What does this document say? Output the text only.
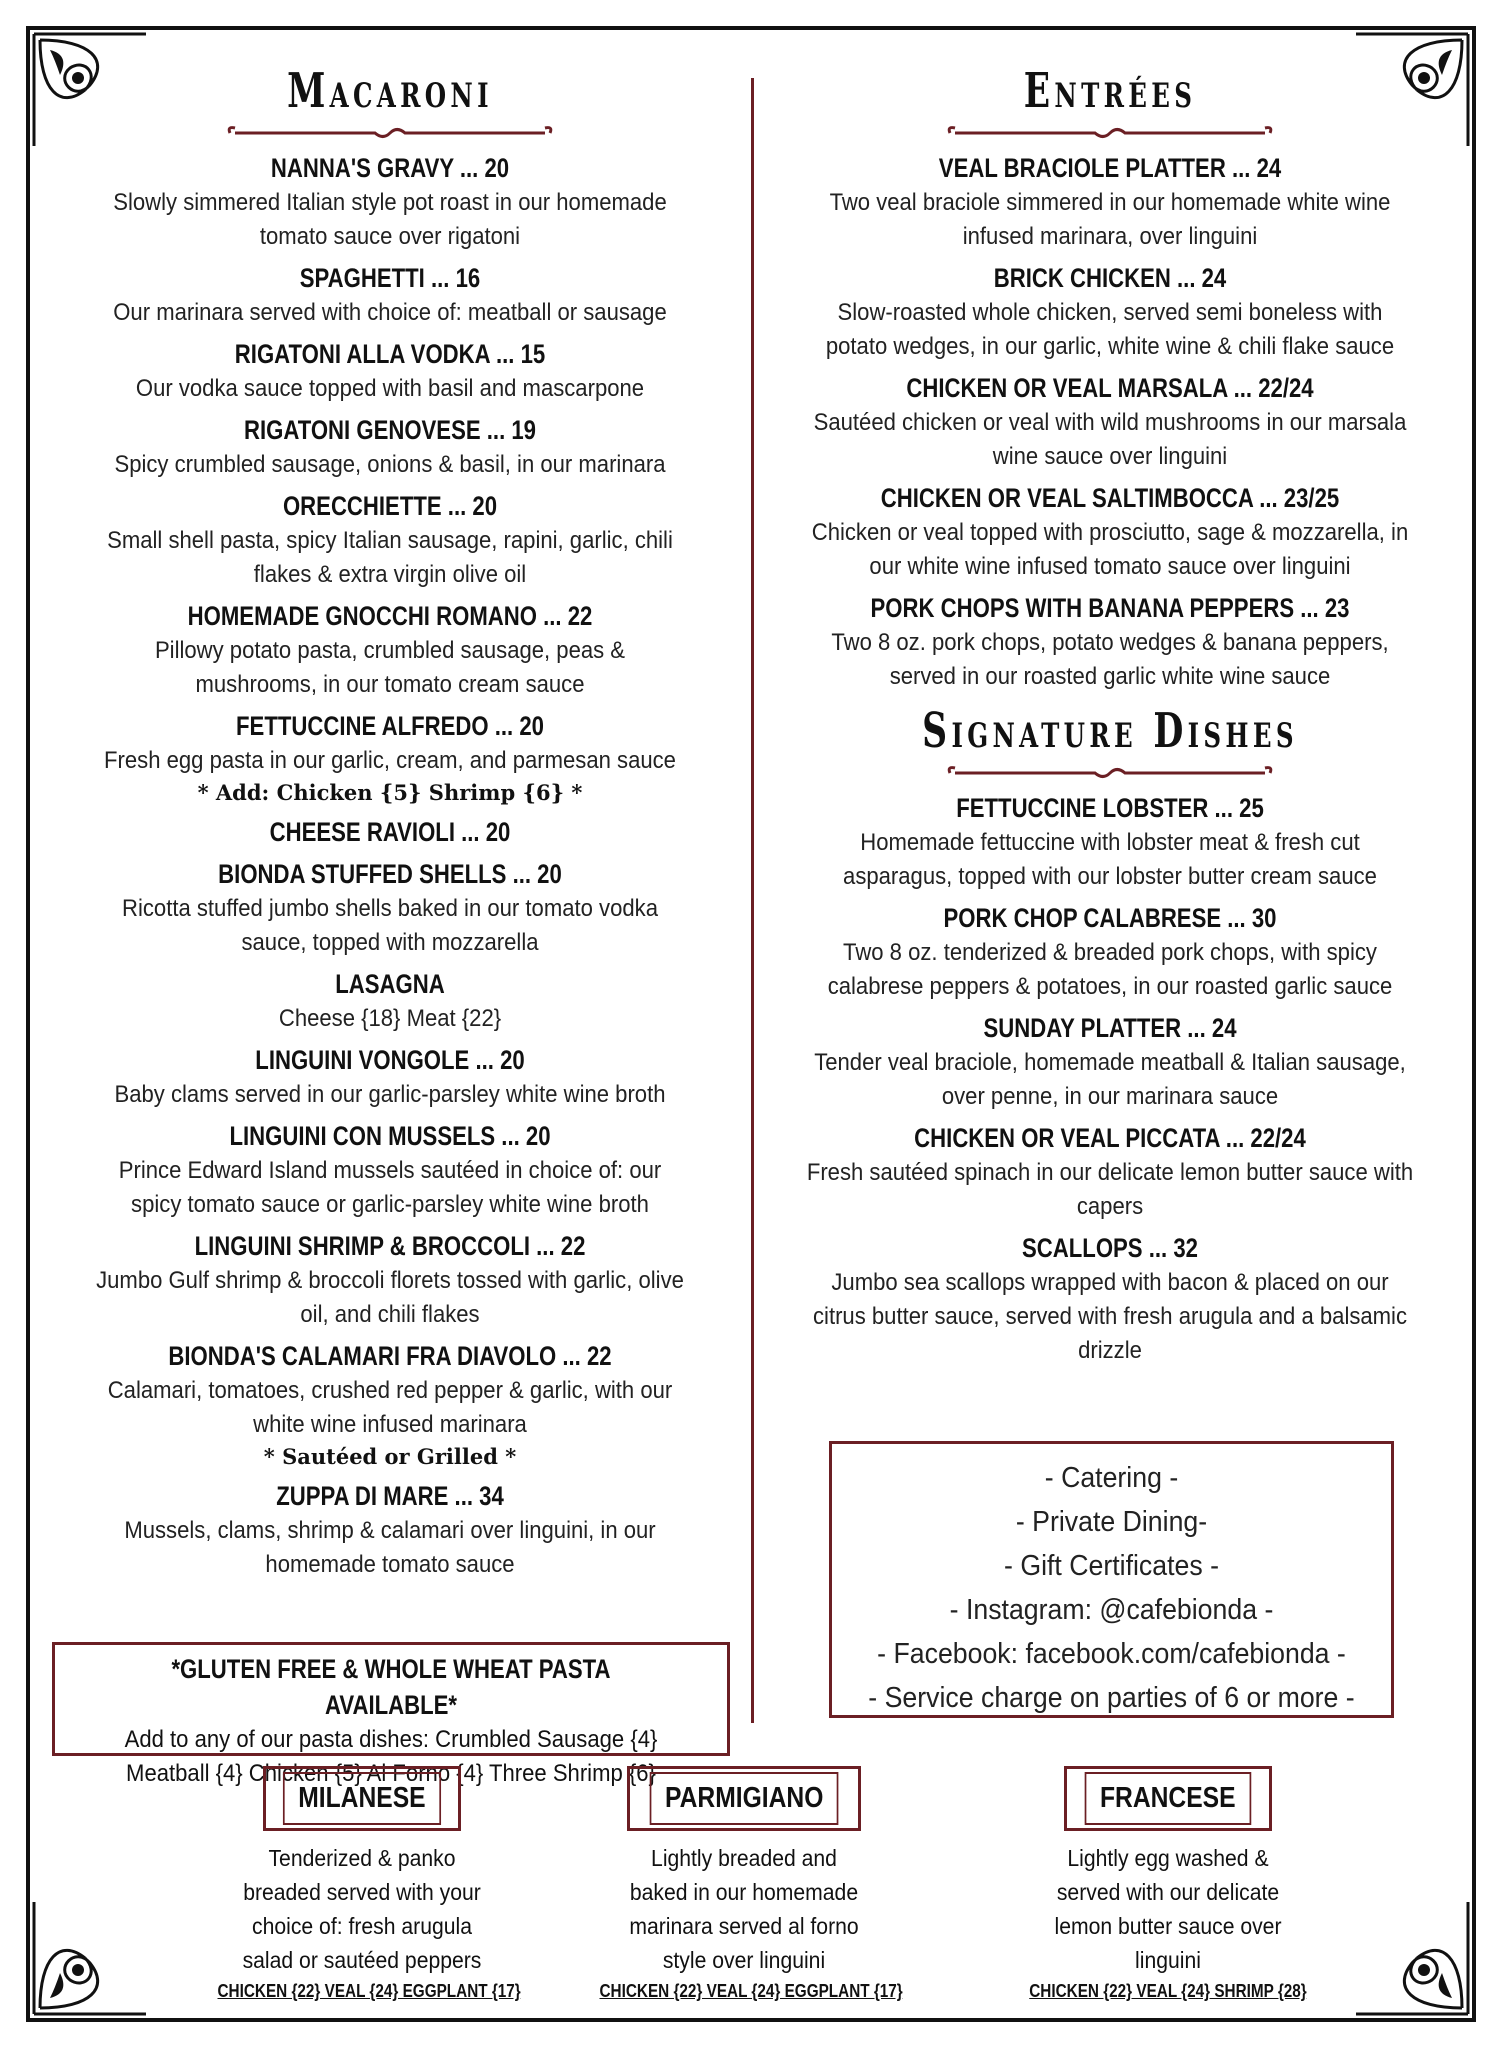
Macaroni
NANNA'S GRAVY ... 20
Slowly simmered Italian style pot roast in our homemade tomato sauce over rigatoni
SPAGHETTI ... 16
Our marinara served with choice of: meatball or sausage
RIGATONI ALLA VODKA ... 15
Our vodka sauce topped with basil and mascarpone
RIGATONI GENOVESE ... 19
Spicy crumbled sausage, onions & basil, in our marinara
ORECCHIETTE ... 20
Small shell pasta, spicy Italian sausage, rapini, garlic, chili flakes & extra virgin olive oil
HOMEMADE GNOCCHI ROMANO ... 22
Pillowy potato pasta, crumbled sausage, peas & mushrooms, in our tomato cream sauce
FETTUCCINE ALFREDO ... 20
Fresh egg pasta in our garlic, cream, and parmesan sauce
* Add: Chicken {5} Shrimp {6} *
CHEESE RAVIOLI ... 20
BIONDA STUFFED SHELLS ... 20
Ricotta stuffed jumbo shells baked in our tomato vodka sauce, topped with mozzarella
LASAGNA
Cheese {18} Meat {22}
LINGUINI VONGOLE ... 20
Baby clams served in our garlic-parsley white wine broth
LINGUINI CON MUSSELS ... 20
Prince Edward Island mussels sautéed in choice of: our spicy tomato sauce or garlic-parsley white wine broth
LINGUINI SHRIMP & BROCCOLI ... 22
Jumbo Gulf shrimp & broccoli florets tossed with garlic, olive oil, and chili flakes
BIONDA'S CALAMARI FRA DIAVOLO ... 22
Calamari, tomatoes, crushed red pepper & garlic, with our white wine infused marinara
* Sautéed or Grilled *
ZUPPA DI MARE ... 34
Mussels, clams, shrimp & calamari over linguini, in our homemade tomato sauce
*GLUTEN FREE & WHOLE WHEAT PASTA AVAILABLE*
Add to any of our pasta dishes: Crumbled Sausage {4}
Meatball {4} Chicken {5} Al Forno {4} Three Shrimp {6}
Entrées
VEAL BRACIOLE PLATTER ... 24
Two veal braciole simmered in our homemade white wine infused marinara, over linguini
BRICK CHICKEN ... 24
Slow-roasted whole chicken, served semi boneless with potato wedges, in our garlic, white wine & chili flake sauce
CHICKEN OR VEAL MARSALA ... 22/24
Sautéed chicken or veal with wild mushrooms in our marsala wine sauce over linguini
CHICKEN OR VEAL SALTIMBOCCA ... 23/25
Chicken or veal topped with prosciutto, sage & mozzarella, in our white wine infused tomato sauce over linguini
PORK CHOPS WITH BANANA PEPPERS ... 23
Two 8 oz. pork chops, potato wedges & banana peppers, served in our roasted garlic white wine sauce
Signature Dishes
FETTUCCINE LOBSTER ... 25
Homemade fettuccine with lobster meat & fresh cut asparagus, topped with our lobster butter cream sauce
PORK CHOP CALABRESE ... 30
Two 8 oz. tenderized & breaded pork chops, with spicy calabrese peppers & potatoes, in our roasted garlic sauce
SUNDAY PLATTER ... 24
Tender veal braciole, homemade meatball & Italian sausage, over penne, in our marinara sauce
CHICKEN OR VEAL PICCATA ... 22/24
Fresh sautéed spinach in our delicate lemon butter sauce with capers
SCALLOPS ... 32
Jumbo sea scallops wrapped with bacon & placed on our citrus butter sauce, served with fresh arugula and a balsamic drizzle
- Catering -
- Private Dining-
- Gift Certificates -
- Instagram: @cafebionda -
- Facebook: facebook.com/cafebionda -
- Service charge on parties of 6 or more -
MILANESE
Tenderized & panko breaded served with your choice of: fresh arugula salad or sautéed peppers
CHICKEN {22} VEAL {24} EGGPLANT {17}
PARMIGIANO
Lightly breaded and baked in our homemade marinara served al forno style over linguini
CHICKEN {22} VEAL {24} EGGPLANT {17}
FRANCESE
Lightly egg washed & served with our delicate lemon butter sauce over linguini
CHICKEN {22} VEAL {24} SHRIMP {28}
